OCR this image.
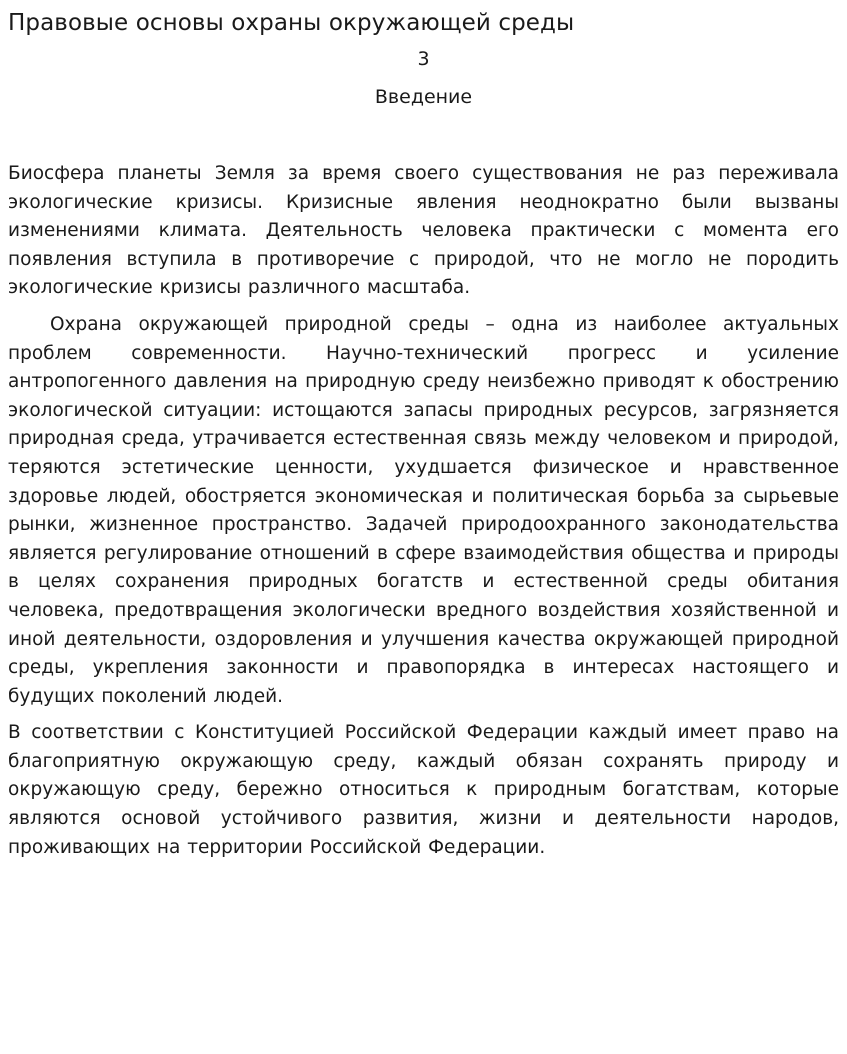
Правовые основы охраны окружающей среды
3
Введение

Биосфера планеты Земля за время своего существования не раз переживала экологические кризисы. Кризисные явления неоднократно были вызваны изменениями климата. Деятельность человека практически с момента его появления вступила в противоречие с природой, что не могло не породить экологические кризисы различного масштаба.

Охрана окружающей природной среды – одна из наиболее актуальных проблем современности. Научно-технический прогресс и усиление антропогенного давления на природную среду неизбежно приводят к обострению экологической ситуации: истощаются запасы природных ресурсов, загрязняется природная среда, утрачивается естественная связь между человеком и природой, теряются эстетические ценности, ухудшается физическое и нравственное здоровье людей, обостряется экономическая и политическая борьба за сырьевые рынки, жизненное пространство. Задачей природоохранного законодательства является регулирование отношений в сфере взаимодействия общества и природы в целях сохранения природных богатств и естественной среды обитания человека, предотвращения экологически вредного воздействия хозяйственной и иной деятельности, оздоровления и улучшения качества окружающей природной среды, укрепления законности и правопорядка в интересах настоящего и будущих поколений людей.

В соответствии с Конституцией Российской Федерации каждый имеет право на благоприятную окружающую среду, каждый обязан сохранять природу и окружающую среду, бережно относиться к природным богатствам, которые являются основой устойчивого развития, жизни и деятельности народов, проживающих на территории Российской Федерации.
